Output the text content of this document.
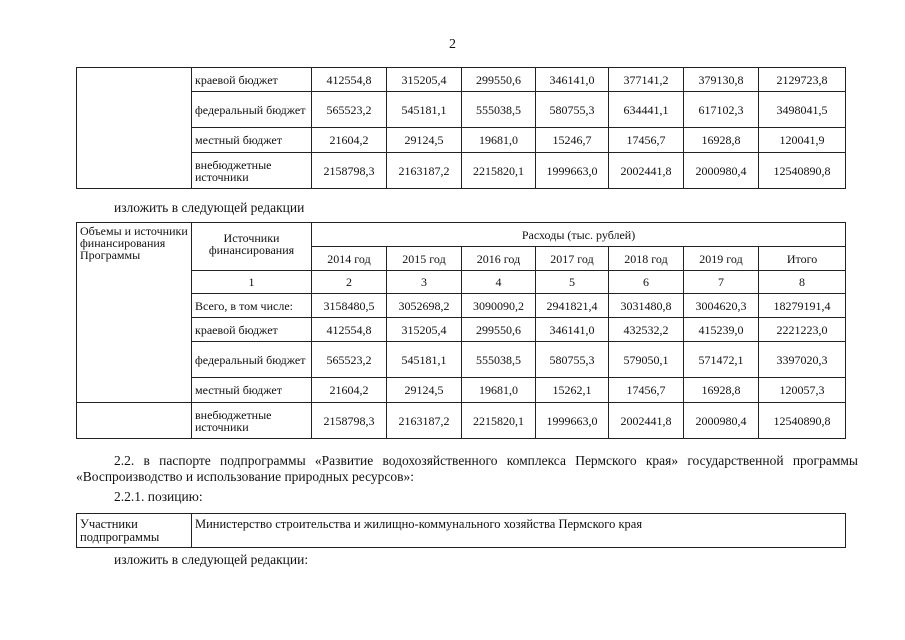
2
	краевой бюджет	412554,8	315205,4	299550,6	346141,0	377141,2	379130,8	2129723,8
	федеральный бюджет	565523,2	545181,1	555038,5	580755,3	634441,1	617102,3	3498041,5
	местный бюджет	21604,2	29124,5	19681,0	15246,7	17456,7	16928,8	120041,9
	внебюджетные источники	2158798,3	2163187,2	2215820,1	1999663,0	2002441,8	2000980,4	12540890,8
изложить в следующей редакции
Объемы и источники финансирования Программы	Источники финансирования	Расходы (тыс. рублей)						
		2014 год	2015 год	2016 год	2017 год	2018 год	2019 год	Итого
	1	2	3	4	5	6	7	8
	Всего, в том числе:	3158480,5	3052698,2	3090090,2	2941821,4	3031480,8	3004620,3	18279191,4
	краевой бюджет	412554,8	315205,4	299550,6	346141,0	432532,2	415239,0	2221223,0
	федеральный бюджет	565523,2	545181,1	555038,5	580755,3	579050,1	571472,1	3397020,3
	местный бюджет	21604,2	29124,5	19681,0	15262,1	17456,7	16928,8	120057,3
	внебюджетные источники	2158798,3	2163187,2	2215820,1	1999663,0	2002441,8	2000980,4	12540890,8
2.2. в паспорте подпрограммы «Развитие водохозяйственного комплекса Пермского края» государственной программы «Воспроизводство и использование природных ресурсов»:
2.2.1. позицию:
Участники подпрограммы	Министерство строительства и жилищно-коммунального хозяйства Пермского края
изложить в следующей редакции:
